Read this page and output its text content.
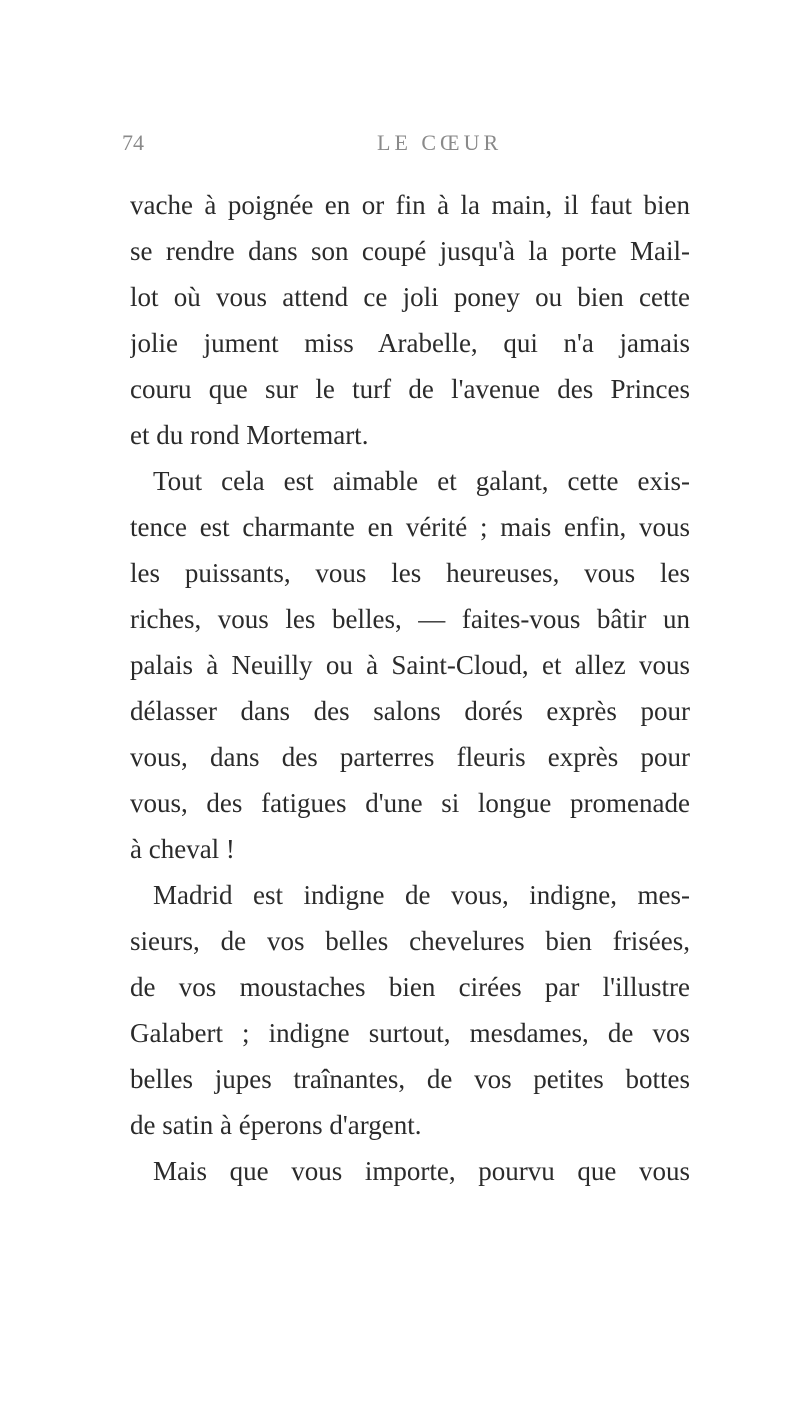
74	LE CŒUR
vache à poignée en or fin à la main, il faut bien
se rendre dans son coupé jusqu'à la porte Mail-
lot où vous attend ce joli poney ou bien cette
jolie jument miss Arabelle, qui n'a jamais
couru que sur le turf de l'avenue des Princes
et du rond Mortemart.
Tout cela est aimable et galant, cette exis-
tence est charmante en vérité ; mais enfin, vous
les puissants, vous les heureuses, vous les
riches, vous les belles, — faites-vous bâtir un
palais à Neuilly ou à Saint-Cloud, et allez vous
délasser dans des salons dorés exprès pour
vous, dans des parterres fleuris exprès pour
vous, des fatigues d'une si longue promenade
à cheval !
Madrid est indigne de vous, indigne, mes-
sieurs, de vos belles chevelures bien frisées,
de vos moustaches bien cirées par l'illustre
Galabert ; indigne surtout, mesdames, de vos
belles jupes traînantes, de vos petites bottes
de satin à éperons d'argent.
Mais que vous importe, pourvu que vous
